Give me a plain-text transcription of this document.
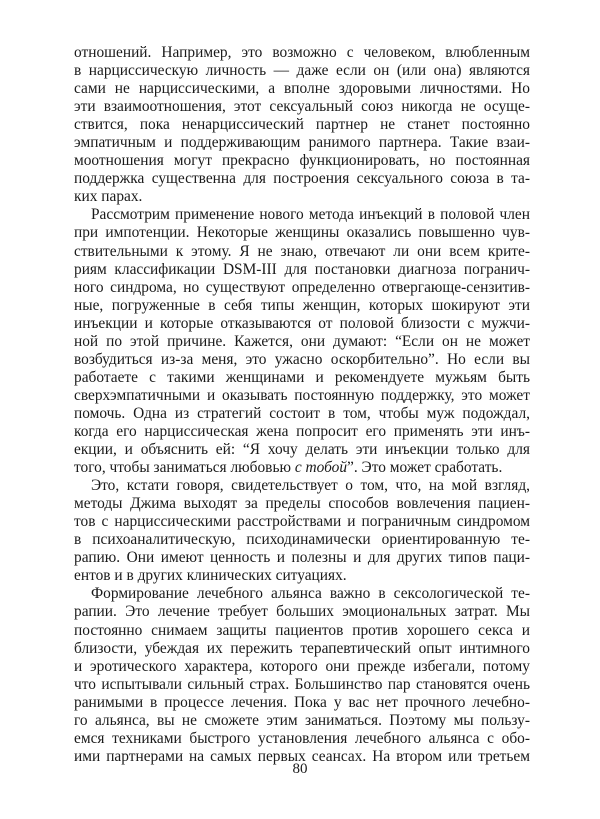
отношений. Например, это возможно с человеком, влюбленным
в нарциссическую личность — даже если он (или она) являются
сами не нарциссическими, а вполне здоровыми личностями. Но
эти взаимоотношения, этот сексуальный союз никогда не осуще-
ствится, пока ненарциссический партнер не станет постоянно
эмпатичным и поддерживающим ранимого партнера. Такие взаи-
моотношения могут прекрасно функционировать, но постоянная
поддержка существенна для построения сексуального союза в та-
ких парах.

Рассмотрим применение нового метода инъекций в половой член
при импотенции. Некоторые женщины оказались повышенно чув-
ствительными к этому. Я не знаю, отвечают ли они всем крите-
риям классификации DSM-III для постановки диагноза погранич-
ного синдрома, но существуют определенно отвергающе-сензитив-
ные, погруженные в себя типы женщин, которых шокируют эти
инъекции и которые отказываются от половой близости с мужчи-
ной по этой причине. Кажется, они думают: “Если он не может
возбудиться из-за меня, это ужасно оскорбительно”. Но если вы
работаете с такими женщинами и рекомендуете мужьям быть
сверхэмпатичными и оказывать постоянную поддержку, это может
помочь. Одна из стратегий состоит в том, чтобы муж подождал,
когда его нарциссическая жена попросит его применять эти инъ-
екции, и объяснить ей: “Я хочу делать эти инъекции только для
того, чтобы заниматься любовью с тобой”. Это может сработать.

Это, кстати говоря, свидетельствует о том, что, на мой взгляд,
методы Джима выходят за пределы способов вовлечения пациен-
тов с нарциссическими расстройствами и пограничным синдромом
в психоаналитическую, психодинамически ориентированную те-
рапию. Они имеют ценность и полезны и для других типов паци-
ентов и в других клинических ситуациях.

Формирование лечебного альянса важно в сексологической те-
рапии. Это лечение требует больших эмоциональных затрат. Мы
постоянно снимаем защиты пациентов против хорошего секса и
близости, убеждая их пережить терапевтический опыт интимного
и эротического характера, которого они прежде избегали, потому
что испытывали сильный страх. Большинство пар становятся очень
ранимыми в процессе лечения. Пока у вас нет прочного лечебно-
го альянса, вы не сможете этим заниматься. Поэтому мы пользу-
емся техниками быстрого установления лечебного альянса с обо-
ими партнерами на самых первых сеансах. На втором или третьем

80
